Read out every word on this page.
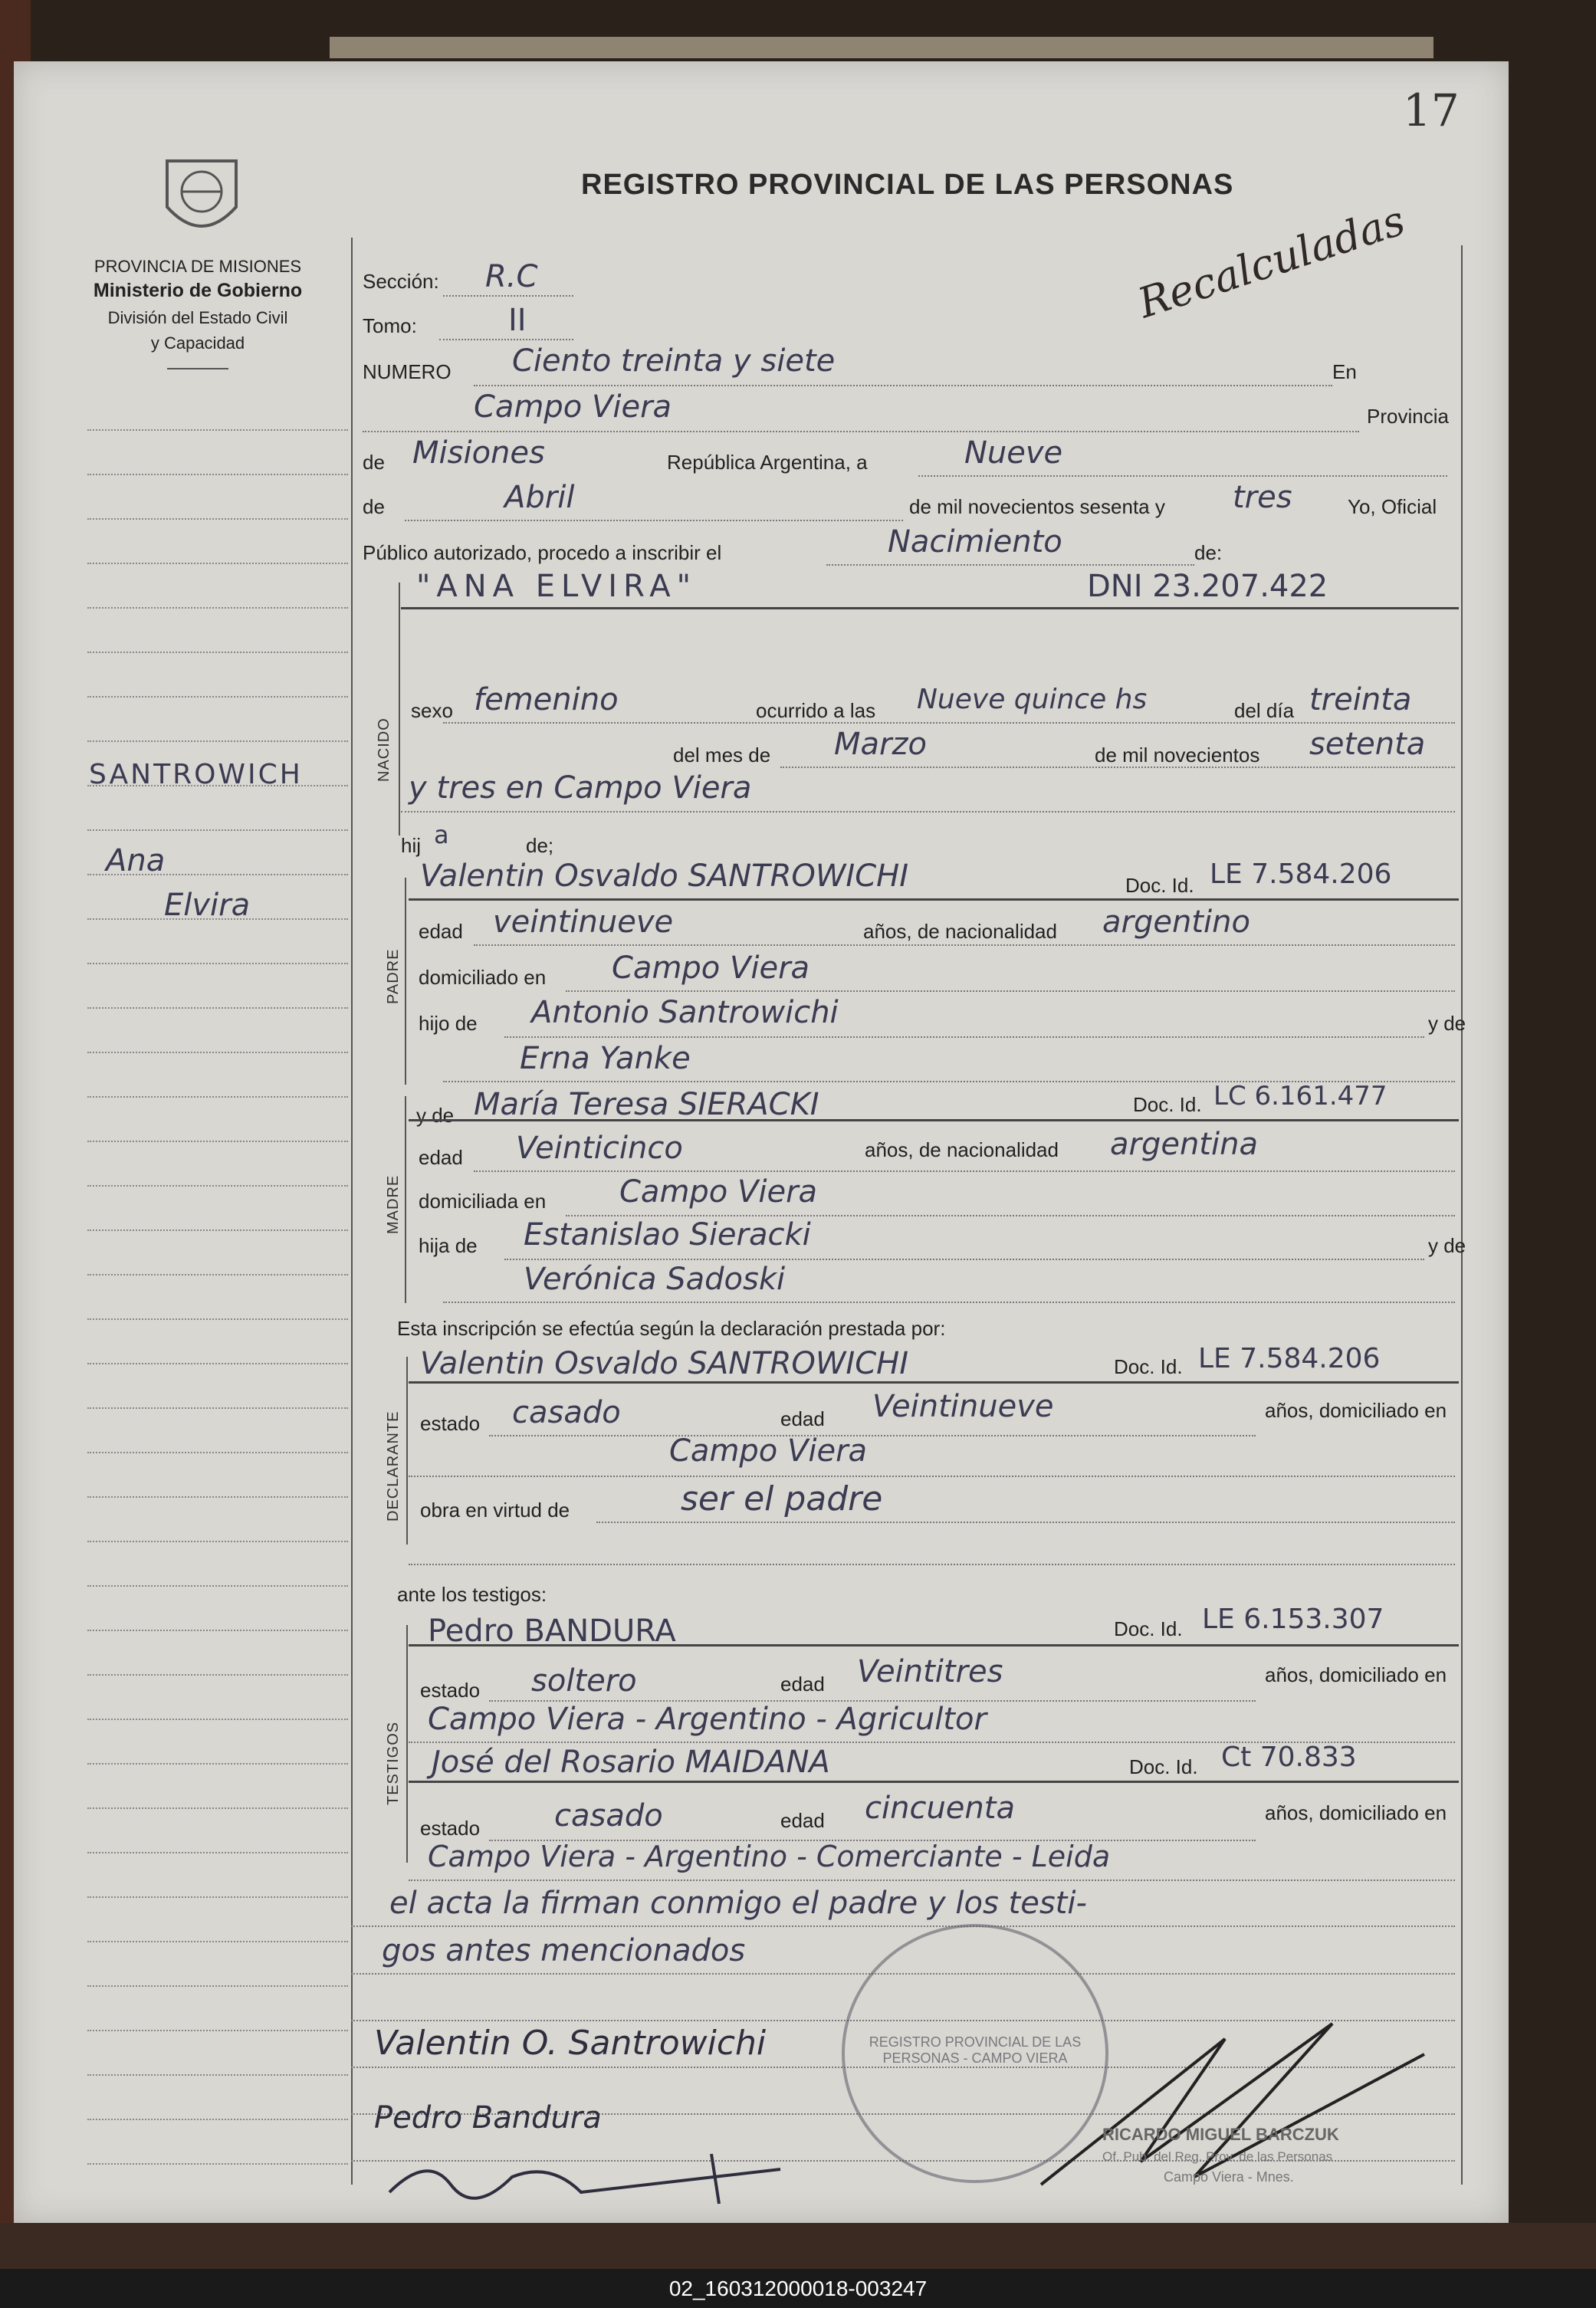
17
REGISTRO PROVINCIAL DE LAS PERSONAS
Recalculadas
PROVINCIA DE MISIONES
Ministerio de Gobierno
División del Estado Civil
y Capacidad
SANTROWICH
Ana
Elvira
Sección: R.C
Tomo:	II
NUMERO Ciento treinta y siete	En
Campo Viera	Provincia
de Misiones	República Argentina, a	Nueve
de	Abril	de mil novecientos sesenta y tres	Yo, Oficial
Público autorizado, procedo a inscribir el	Nacimiento	de:
NACIDO
"ANA ELVIRA"	DNI 23.207.422
sexo femenino	ocurrido a las Nueve quince hs	del día treinta
del mes de Marzo	de mil novecientos setenta
y tres en Campo Viera
hij a	de;
PADRE
Valentin Osvaldo SANTROWICHI	Doc. Id. LE 7.584.206
edad veintinueve	años, de nacionalidad argentino
domiciliado en Campo Viera
hijo de Antonio Santrowichi	y de
Erna Yanke
MADRE
y de María Teresa SIERACKI	Doc. Id. LC 6.161.477
edad Veinticinco	años, de nacionalidad argentina
domiciliada en Campo Viera
hija de Estanislao Sieracki	y de
Verónica Sadoski
Esta inscripción se efectúa según la declaración prestada por:
DECLARANTE
Valentin Osvaldo SANTROWICHI	Doc. Id. LE 7.584.206
estado casado	edad Veintinueve	años, domiciliado en
Campo Viera
obra en virtud de	ser el padre
ante los testigos:
TESTIGOS
Pedro BANDURA	Doc. Id. LE 6.153.307
estado soltero	edad Veintitres	años, domiciliado en
Campo Viera - Argentino - Agricultor
José del Rosario MAIDANA	Doc. Id. Ct 70.833
estado casado	edad cincuenta	años, domiciliado en
Campo Viera - Argentino - Comerciante - Leida
el acta la firman conmigo el padre y los testi-
gos antes mencionados
REGISTRO PROVINCIAL DE LAS PERSONAS - CAMPO VIERA
Valentin O. Santrowichi
Pedro Bandura	RICARDO MIGUEL BARCZUK
Of. Pub. del Reg. Prov. de las Personas
Campo Viera - Mnes.
02_160312000018-003247
